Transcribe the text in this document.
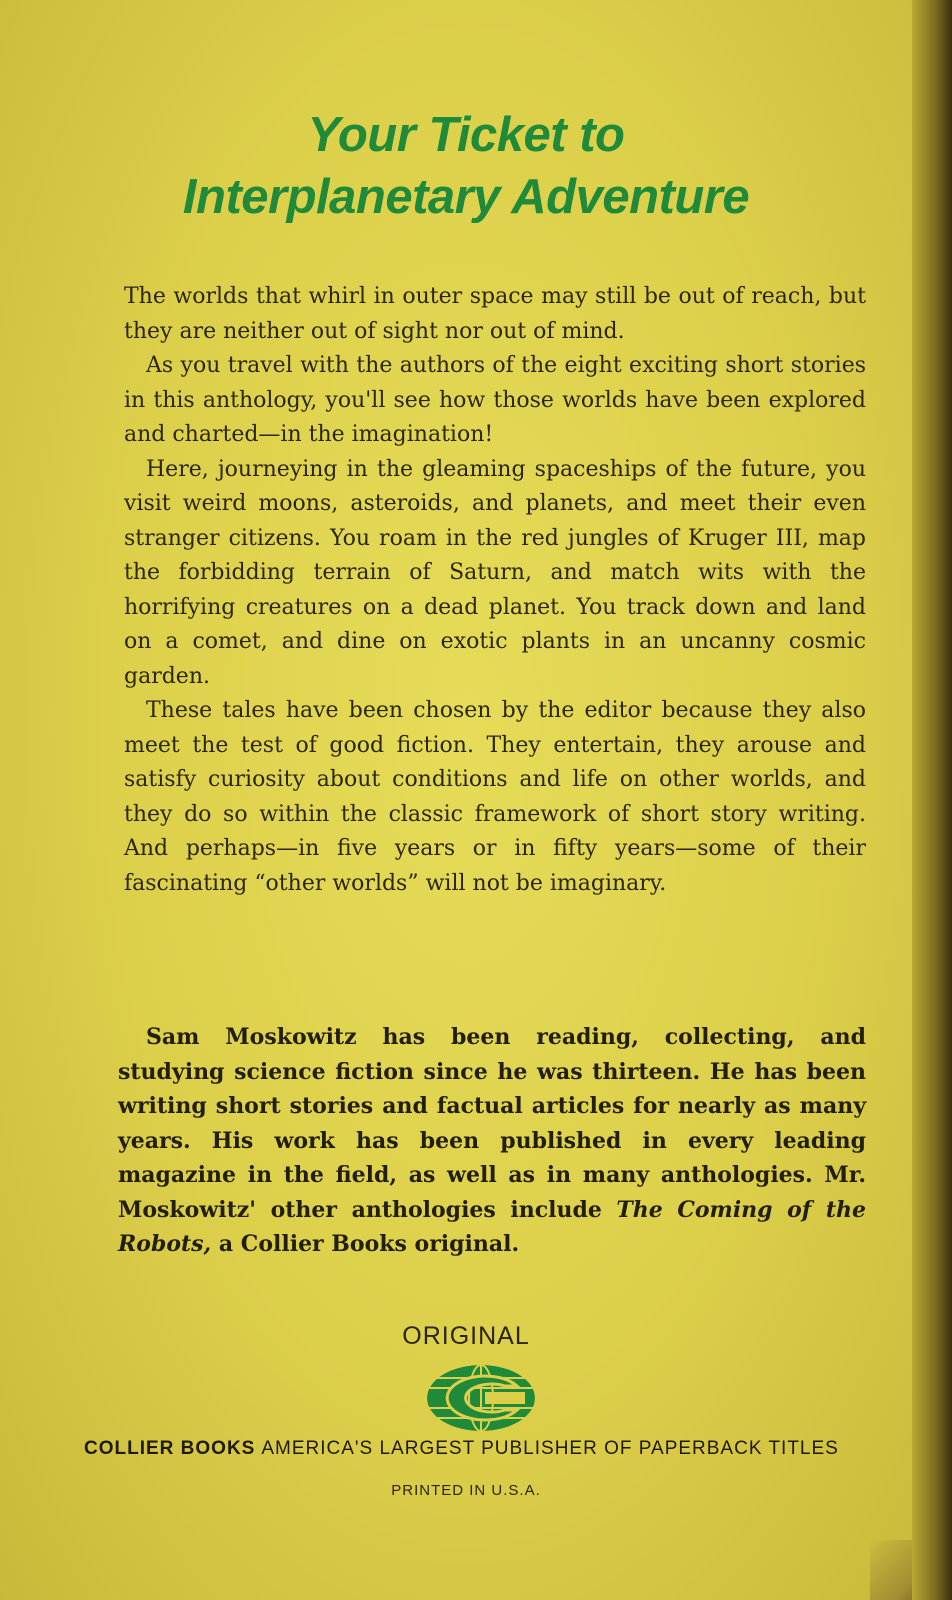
Your Ticket to
Interplanetary Adventure

The worlds that whirl in outer space may still be out of reach, but they are neither out of sight nor out of mind.

As you travel with the authors of the eight exciting short stories in this anthology, you'll see how those worlds have been explored and charted—in the imagination!

Here, journeying in the gleaming spaceships of the future, you visit weird moons, asteroids, and planets, and meet their even stranger citizens. You roam in the red jungles of Kruger III, map the forbidding terrain of Saturn, and match wits with the horrifying creatures on a dead planet. You track down and land on a comet, and dine on exotic plants in an uncanny cosmic garden.

These tales have been chosen by the editor because they also meet the test of good fiction. They entertain, they arouse and satisfy curiosity about conditions and life on other worlds, and they do so within the classic framework of short story writing. And perhaps—in five years or in fifty years—some of their fascinating “other worlds” will not be imaginary.

Sam Moskowitz has been reading, collecting, and studying science fiction since he was thirteen. He has been writing short stories and factual articles for nearly as many years. His work has been published in every leading magazine in the field, as well as in many anthologies. Mr. Moskowitz' other anthologies include The Coming of the Robots, a Collier Books original.

ORIGINAL
COLLIER BOOKS AMERICA'S LARGEST PUBLISHER OF PAPERBACK TITLES
PRINTED IN U.S.A.
